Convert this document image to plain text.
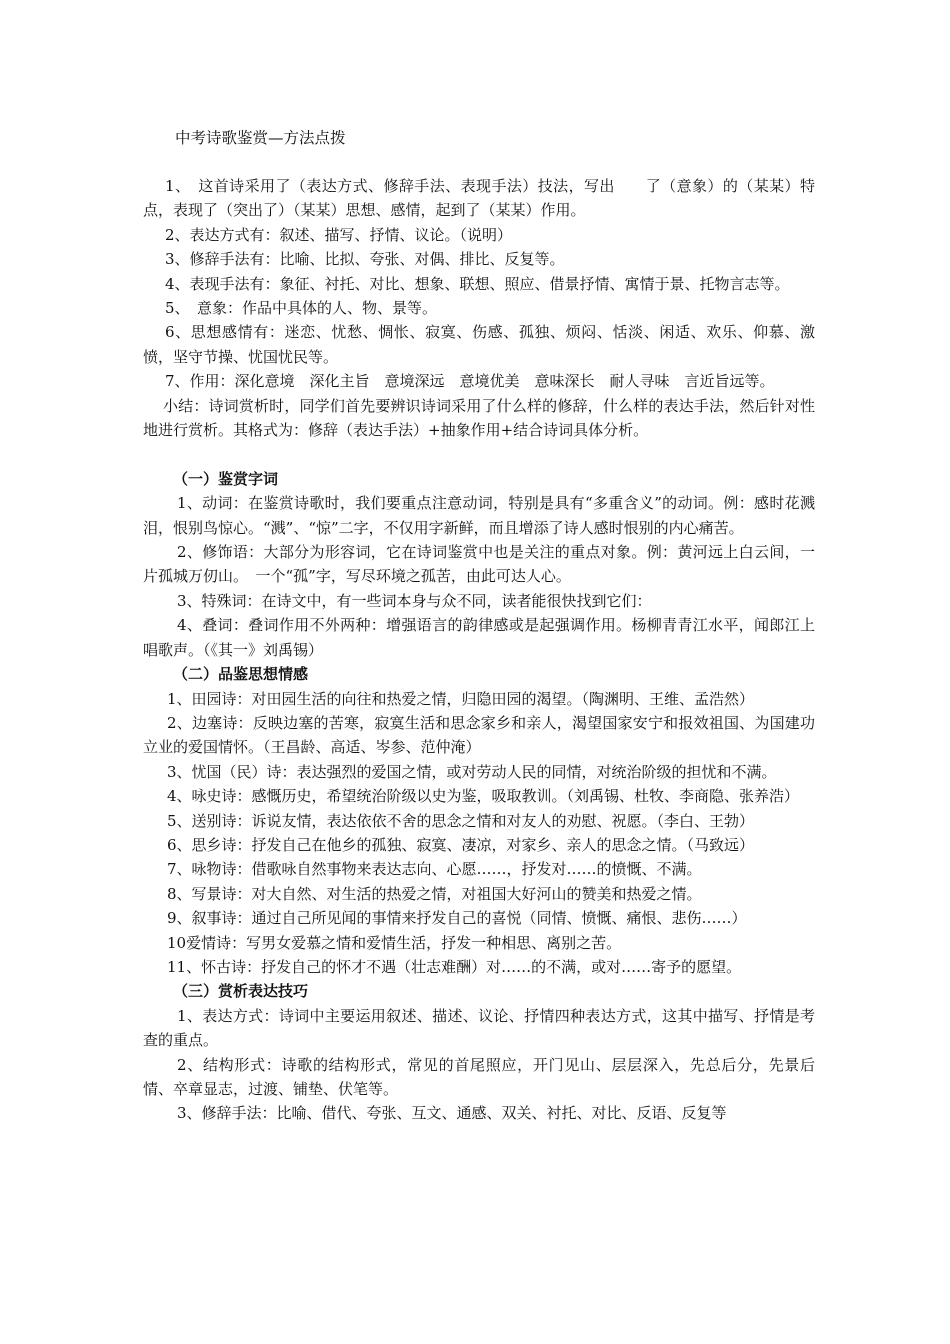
中考诗歌鉴赏—方法点拨

1、　这首诗采用了（表达方式、修辞手法、表现手法）技法，写出　　了（意象）的（某某）特点，表现了（突出了）（某某）思想、感情，起到了（某某）作用。

2、表达方式有：叙述、描写、抒情、议论。（说明）

3、修辞手法有：比喻、比拟、夸张、对偶、排比、反复等。

4、表现手法有：象征、衬托、对比、想象、联想、照应、借景抒情、寓情于景、托物言志等。

5、　意象：作品中具体的人、物、景等。

6、思想感情有：迷恋、忧愁、惆怅、寂寞、伤感、孤独、烦闷、恬淡、闲适、欢乐、仰慕、激愤，坚守节操、忧国忧民等。

7、作用：深化意境　深化主旨　意境深远　意境优美　意味深长　耐人寻味　言近旨远等。

小结：诗词赏析时，同学们首先要辨识诗词采用了什么样的修辞，什么样的表达手法，然后针对性地进行赏析。其格式为：修辞（表达手法）+抽象作用+结合诗词具体分析。

（一）鉴赏字词

1、动词：在鉴赏诗歌时，我们要重点注意动词，特别是具有“多重含义”的动词。例：感时花溅泪，恨别鸟惊心。“溅”、“惊”二字，不仅用字新鲜，而且增添了诗人感时恨别的内心痛苦。

2、修饰语：大部分为形容词，它在诗词鉴赏中也是关注的重点对象。例：黄河远上白云间，一片孤城万仞山。　一个“孤”字，写尽环境之孤苦，由此可达人心。

3、特殊词：在诗文中，有一些词本身与众不同，读者能很快找到它们：

4、叠词：叠词作用不外两种：增强语言的韵律感或是起强调作用。杨柳青青江水平，闻郎江上唱歌声。（《其一》刘禹锡）

（二）品鉴思想情感

1、田园诗：对田园生活的向往和热爱之情，归隐田园的渴望。（陶渊明、王维、孟浩然）

2、边塞诗：反映边塞的苦寒，寂寞生活和思念家乡和亲人，渴望国家安宁和报效祖国、为国建功立业的爱国情怀。（王昌龄、高适、岑参、范仲淹）

3、忧国（民）诗：表达强烈的爱国之情，或对劳动人民的同情，对统治阶级的担忧和不满。

4、咏史诗：感慨历史，希望统治阶级以史为鉴，吸取教训。（刘禹锡、杜牧、李商隐、张养浩）

5、送别诗：诉说友情，表达依依不舍的思念之情和对友人的劝慰、祝愿。（李白、王勃）

6、思乡诗：抒发自己在他乡的孤独、寂寞、凄凉，对家乡、亲人的思念之情。（马致远）

7、咏物诗：借歌咏自然事物来表达志向、心愿……，抒发对……的愤慨、不满。

8、写景诗：对大自然、对生活的热爱之情，对祖国大好河山的赞美和热爱之情。

9、叙事诗：通过自己所见闻的事情来抒发自己的喜悦（同情、愤慨、痛恨、悲伤……）

10爱情诗：写男女爱慕之情和爱情生活，抒发一种相思、离别之苦。

11、怀古诗：抒发自己的怀才不遇（壮志难酬）对……的不满，或对……寄予的愿望。

（三）赏析表达技巧

1、表达方式：诗词中主要运用叙述、描述、议论、抒情四种表达方式，这其中描写、抒情是考查的重点。

2、结构形式：诗歌的结构形式，常见的首尾照应，开门见山、层层深入，先总后分，先景后情、卒章显志，过渡、铺垫、伏笔等。

3、修辞手法：比喻、借代、夸张、互文、通感、双关、衬托、对比、反语、反复等
